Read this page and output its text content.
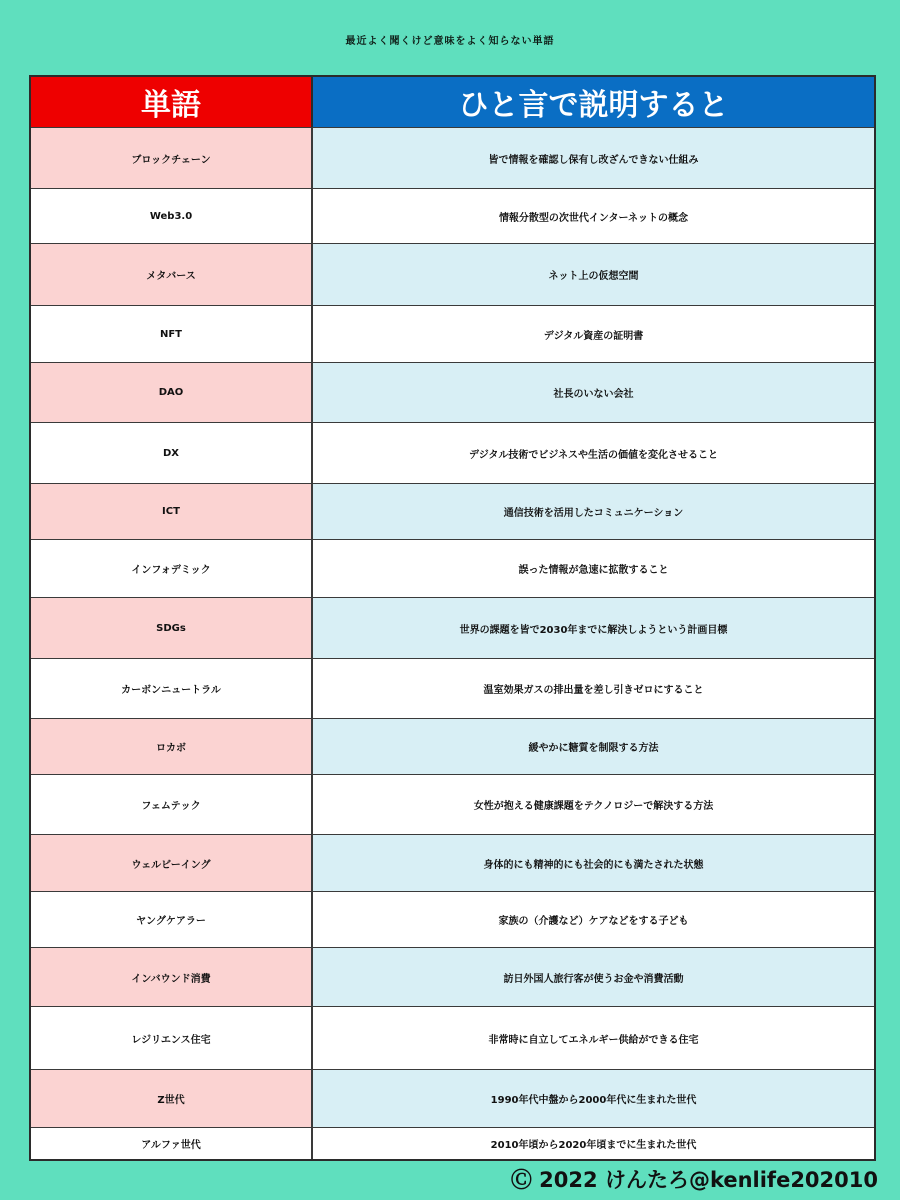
最近よく聞くけど意味をよく知らない単語
単語	ひと言で説明すると
ブロックチェーン	皆で情報を確認し保有し改ざんできない仕組み
Web3.0	情報分散型の次世代インターネットの概念
メタバース	ネット上の仮想空間
NFT	デジタル資産の証明書
DAO	社長のいない会社
DX	デジタル技術でビジネスや生活の価値を変化させること
ICT	通信技術を活用したコミュニケーション
インフォデミック	誤った情報が急速に拡散すること
SDGs	世界の課題を皆で2030年までに解決しようという計画目標
カーボンニュートラル	温室効果ガスの排出量を差し引きゼロにすること
ロカボ	緩やかに糖質を制限する方法
フェムテック	女性が抱える健康課題をテクノロジーで解決する方法
ウェルビーイング	身体的にも精神的にも社会的にも満たされた状態
ヤングケアラー	家族の（介護など）ケアなどをする子ども
インバウンド消費	訪日外国人旅行客が使うお金や消費活動
レジリエンス住宅	非常時に自立してエネルギー供給ができる住宅
Z世代	1990年代中盤から2000年代に生まれた世代
アルファ世代	2010年頃から2020年頃までに生まれた世代
Ⓒ 2022 けんたろ@kenlife202010
